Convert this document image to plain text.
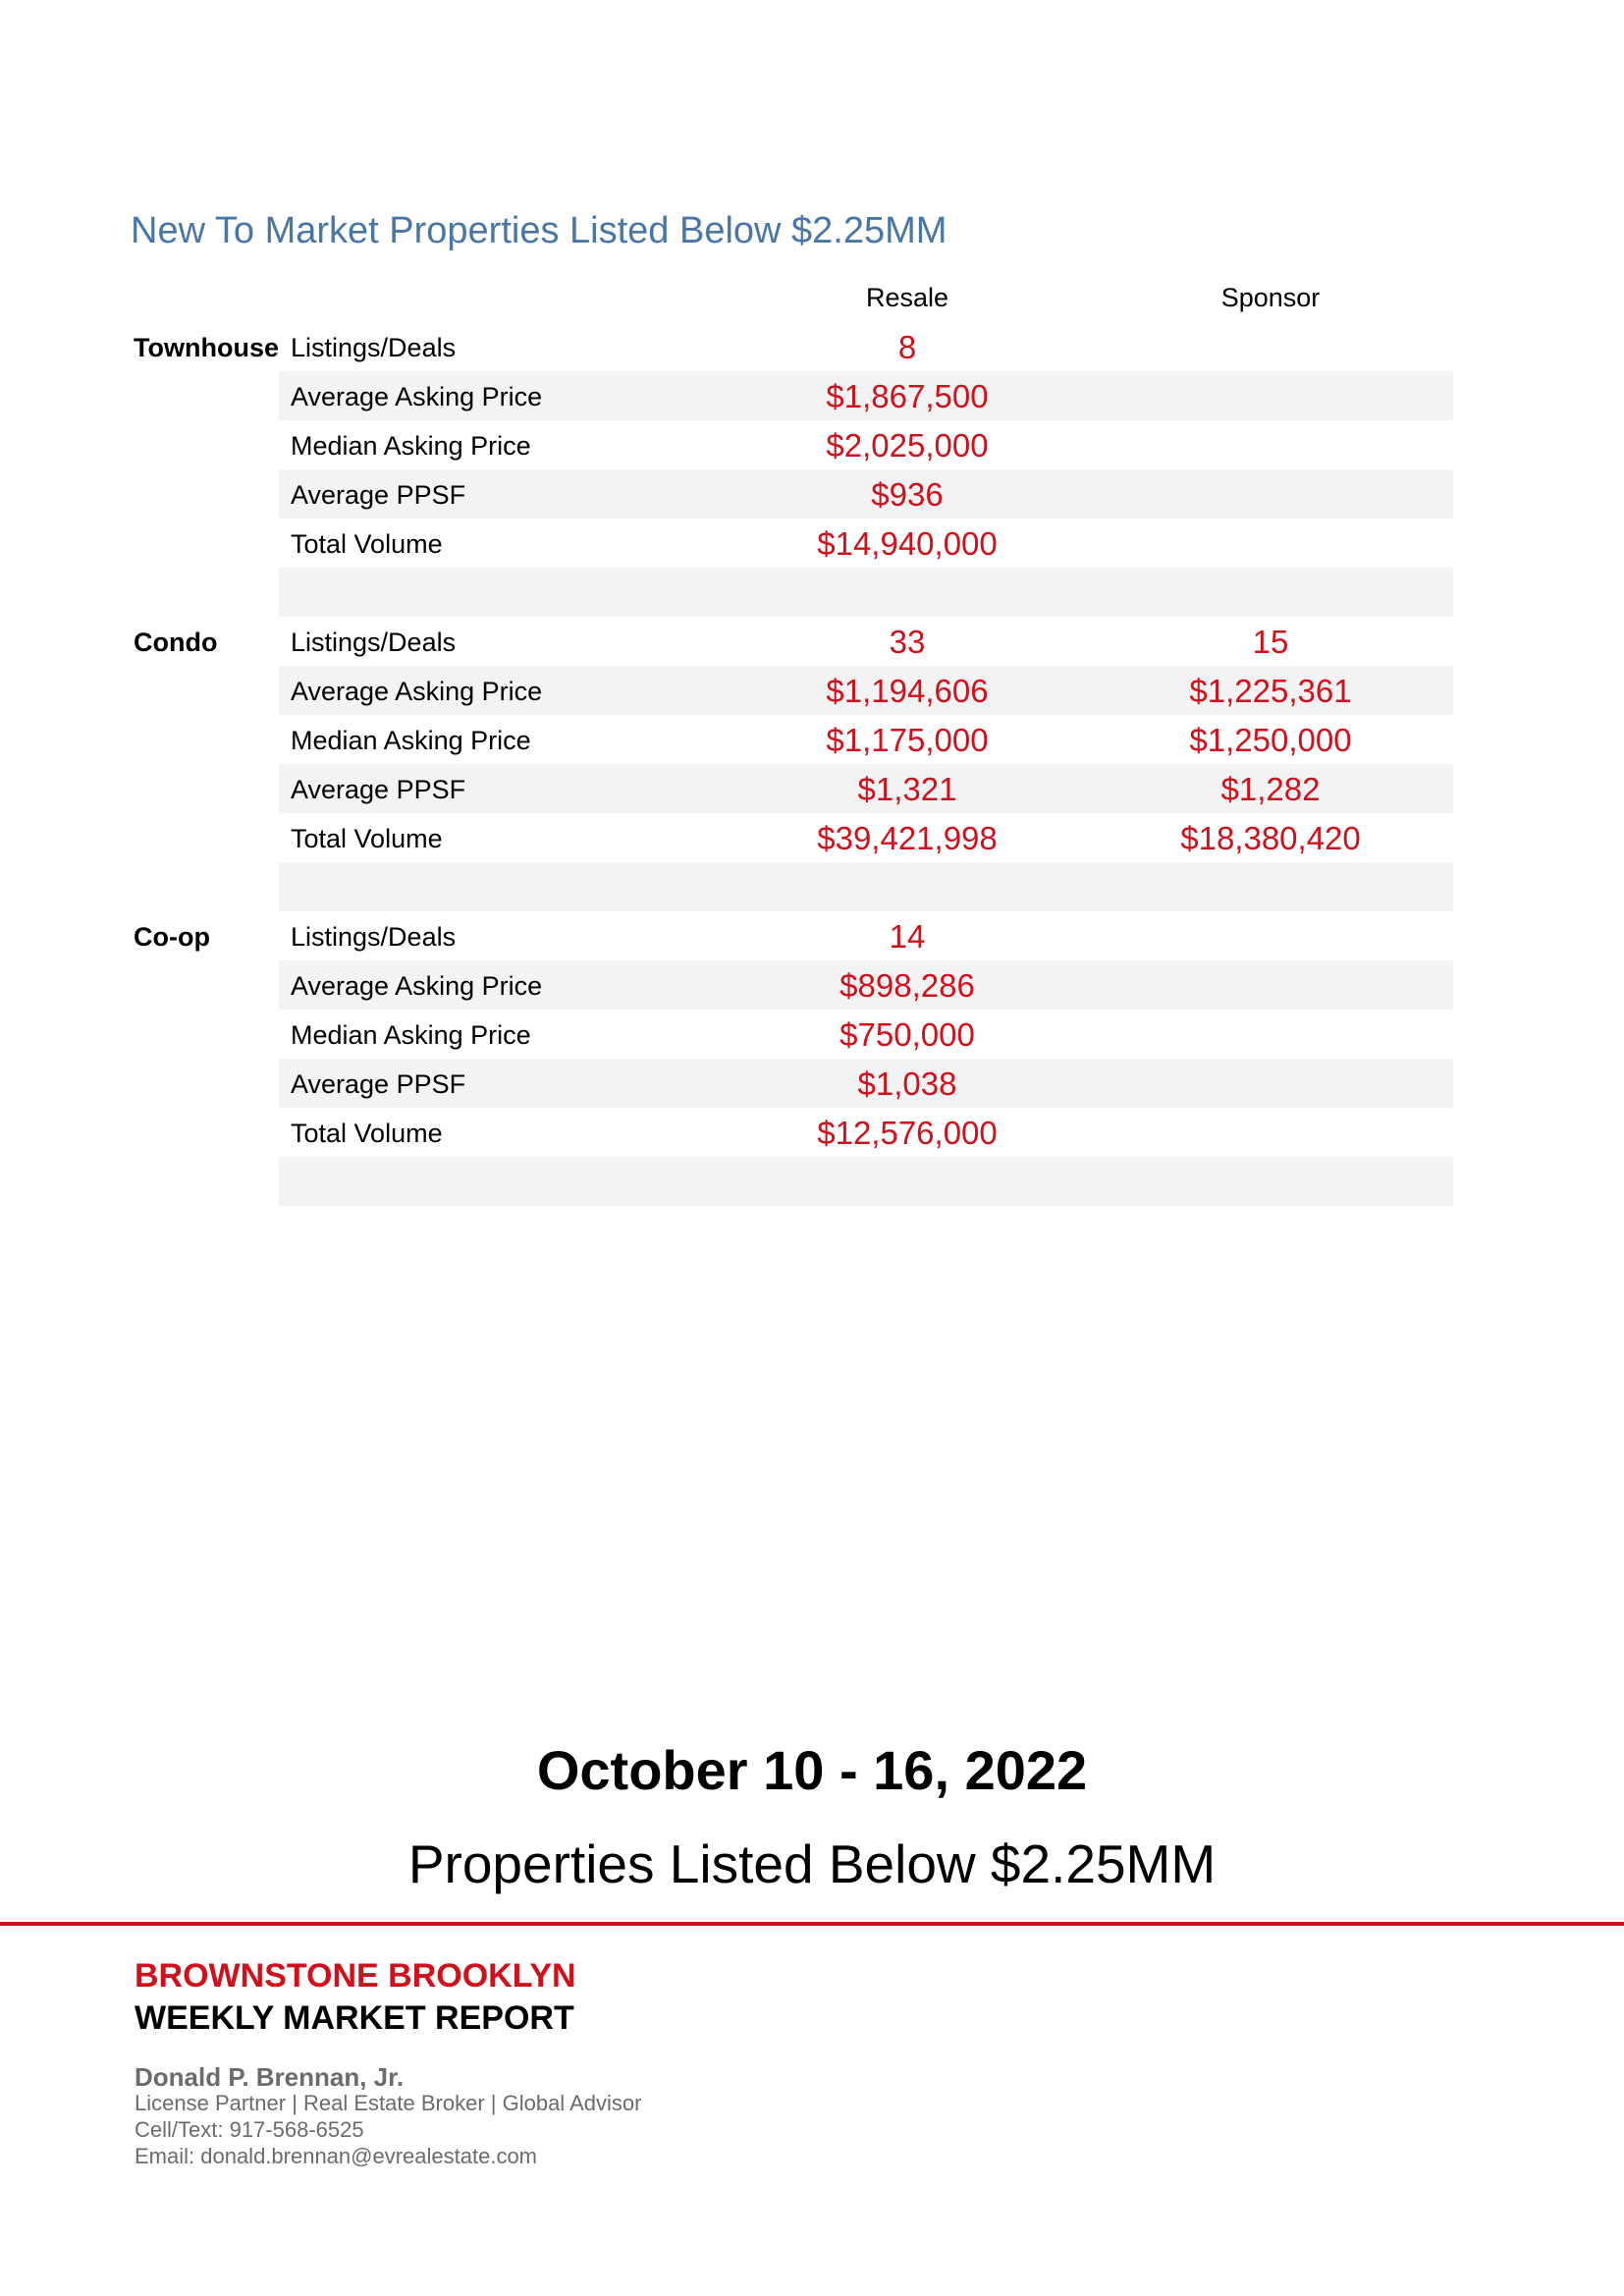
New To Market Properties Listed Below $2.25MM
Resale	Sponsor
Townhouse Listings/Deals	8
Average Asking Price	$1,867,500
Median Asking Price	$2,025,000
Average PPSF	$936
Total Volume	$14,940,000
Condo	Listings/Deals	33	15
Average Asking Price	$1,194,606	$1,225,361
Median Asking Price	$1,175,000	$1,250,000
Average PPSF	$1,321	$1,282
Total Volume	$39,421,998	$18,380,420
Co-op	Listings/Deals	14
Average Asking Price	$898,286
Median Asking Price	$750,000
Average PPSF	$1,038
Total Volume	$12,576,000
October 10 - 16, 2022
Properties Listed Below $2.25MM
BROWNSTONE BROOKLYN
WEEKLY MARKET REPORT
Donald P. Brennan, Jr.
License Partner | Real Estate Broker | Global Advisor
Cell/Text: 917-568-6525
Email: donald.brennan@evrealestate.com
